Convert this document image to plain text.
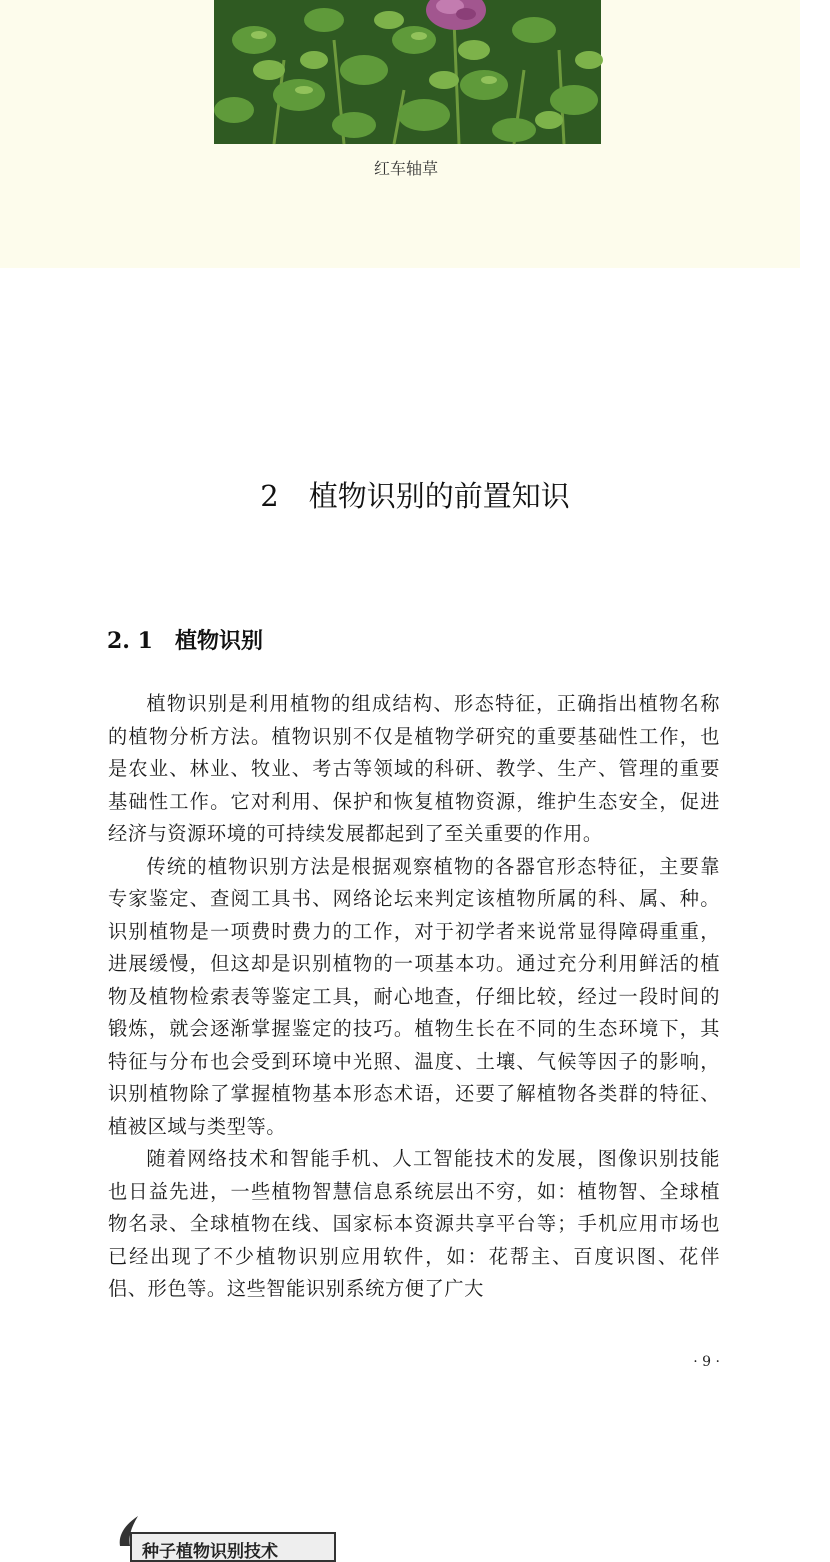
红车轴草
2 植物识别的前置知识
2. 1 植物识别

植物识别是利用植物的组成结构、形态特征，正确指出植物名称的植物分析方法。植物识别不仅是植物学研究的重要基础性工作，也是农业、林业、牧业、考古等领域的科研、教学、生产、管理的重要基础性工作。它对利用、保护和恢复植物资源，维护生态安全，促进经济与资源环境的可持续发展都起到了至关重要的作用。

传统的植物识别方法是根据观察植物的各器官形态特征，主要靠专家鉴定、查阅工具书、网络论坛来判定该植物所属的科、属、种。识别植物是一项费时费力的工作，对于初学者来说常显得障碍重重，进展缓慢，但这却是识别植物的一项基本功。通过充分利用鲜活的植物及植物检索表等鉴定工具，耐心地查，仔细比较，经过一段时间的锻炼，就会逐渐掌握鉴定的技巧。植物生长在不同的生态环境下，其特征与分布也会受到环境中光照、温度、土壤、气候等因子的影响，识别植物除了掌握植物基本形态术语，还要了解植物各类群的特征、植被区域与类型等。

随着网络技术和智能手机、人工智能技术的发展，图像识别技能也日益先进，一些植物智慧信息系统层出不穷，如：植物智、全球植物名录、全球植物在线、国家标本资源共享平台等；手机应用市场也已经出现了不少植物识别应用软件，如：花帮主、百度识图、花伴侣、形色等。这些智能识别系统方便了广大

· 9 ·
种子植物识别技术
